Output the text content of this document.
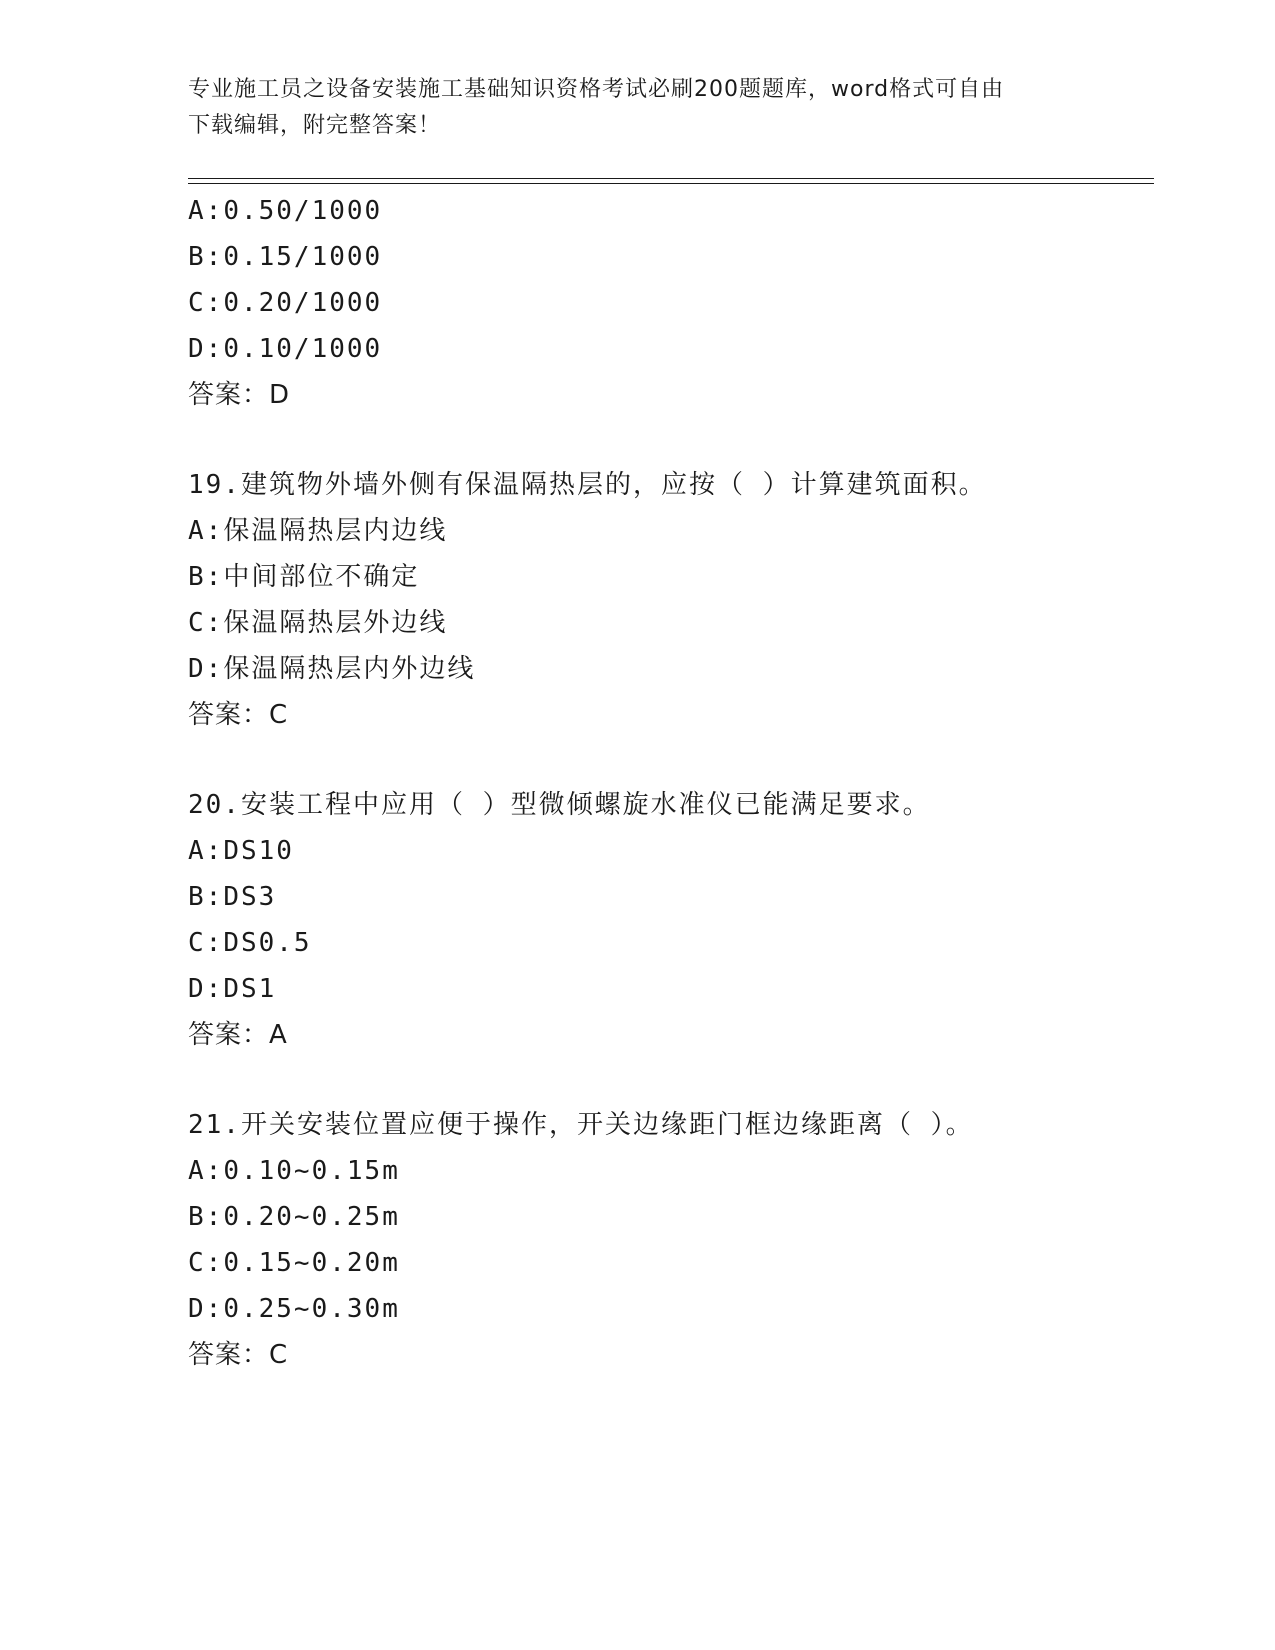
专业施工员之设备安装施工基础知识资格考试必刷200题题库，word格式可自由
下载编辑，附完整答案！
A:0.50/1000
B:0.15/1000
C:0.20/1000
D:0.10/1000
答案：D
19.建筑物外墙外侧有保温隔热层的，应按（ ）计算建筑面积。
A:保温隔热层内边线
B:中间部位不确定
C:保温隔热层外边线
D:保温隔热层内外边线
答案：C
20.安装工程中应用（ ）型微倾螺旋水准仪已能满足要求。
A:DS10
B:DS3
C:DS0.5
D:DS1
答案：A
21.开关安装位置应便于操作，开关边缘距门框边缘距离（ ）。
A:0.10~0.15m
B:0.20~0.25m
C:0.15~0.20m
D:0.25~0.30m
答案：C
